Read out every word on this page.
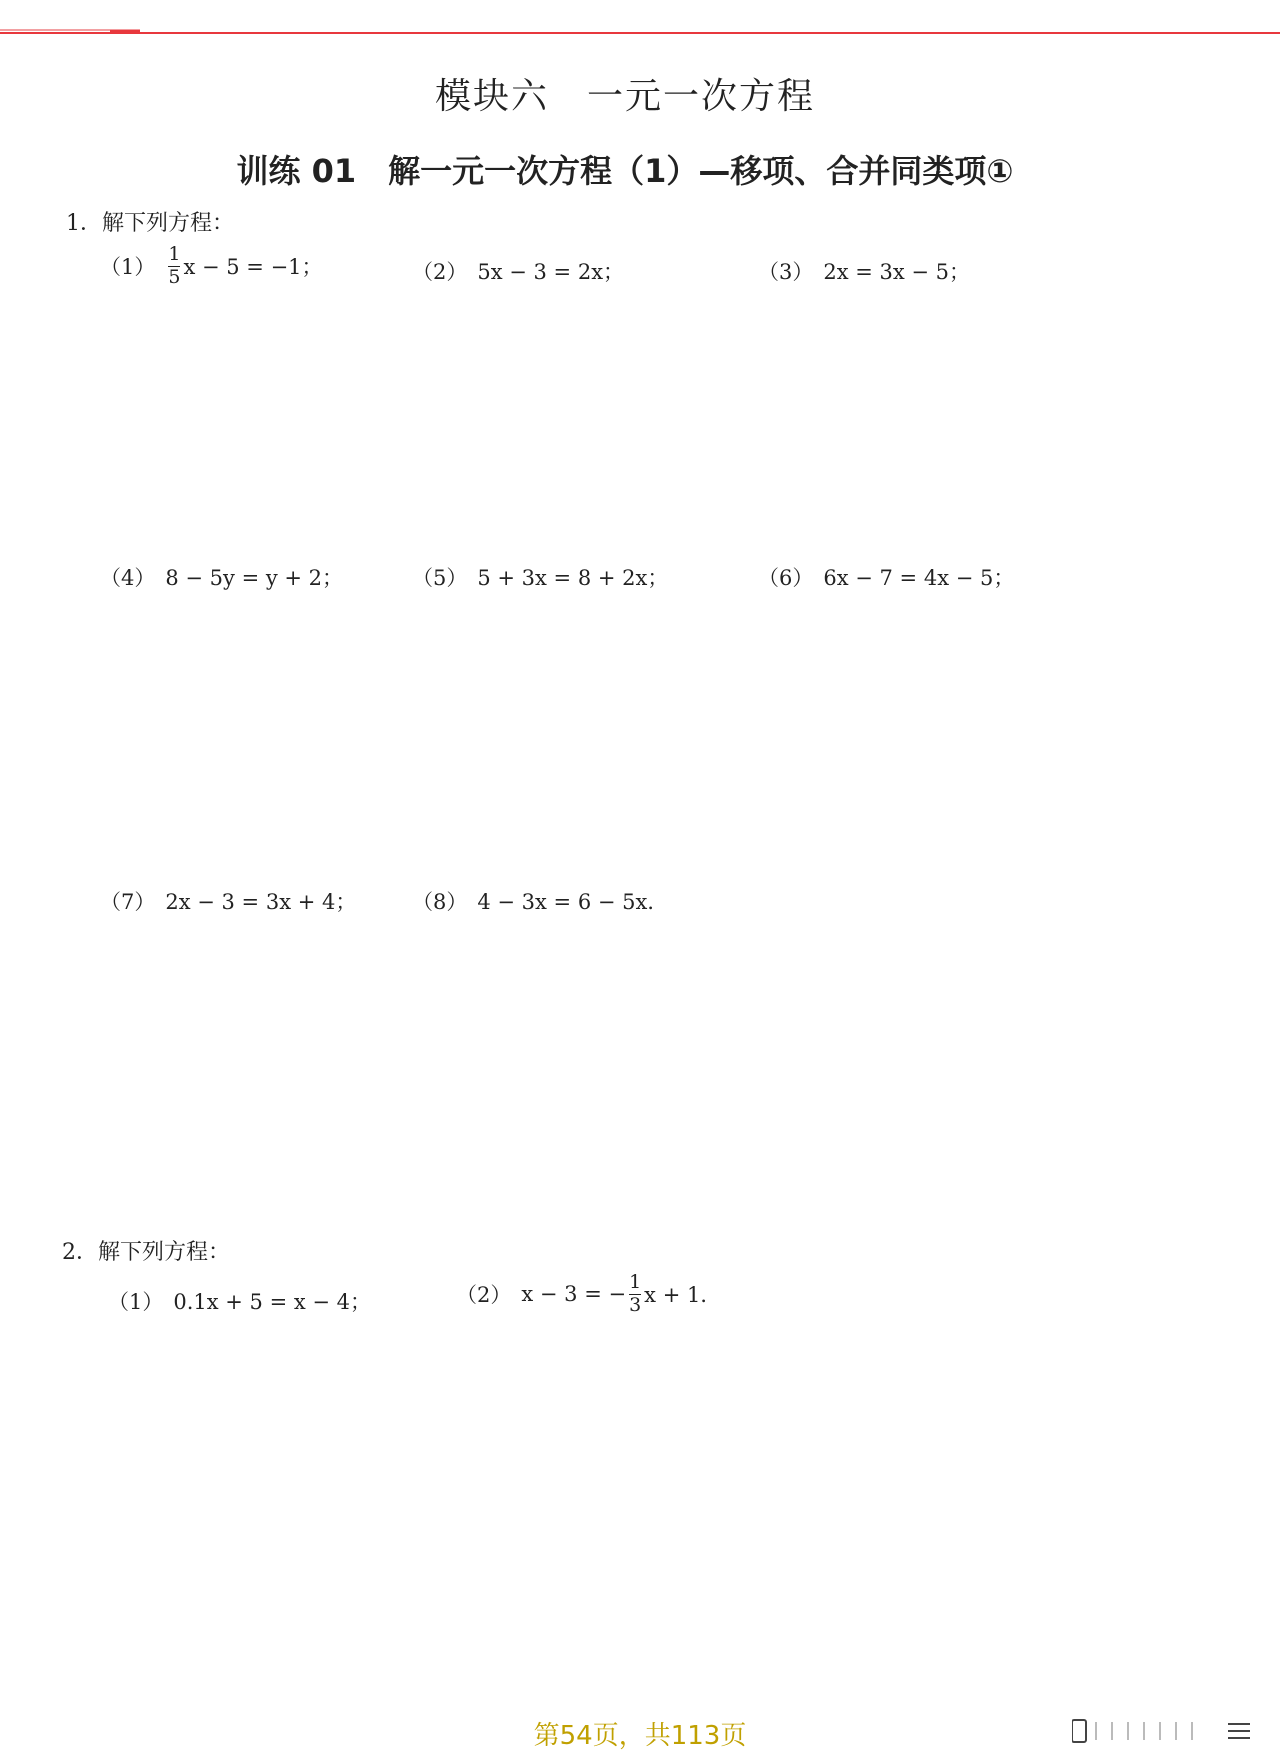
模块六　一元一次方程
训练 01　解一元一次方程（1）—移项、合并同类项①
1．解下列方程：
$(1) \frac{1}{5}$ x − 5 = −1；	（2） 5x − 3 = 2x；	（3） 2x = 3x − 5；
（4） 8 − 5y = y + 2；	（5） 5 + 3x = 8 + 2x；	（6） 6x − 7 = 4x − 5；
（7） 2x − 3 = 3x + 4；	（8） 4 − 3x = 6 − 5x．
2．解下列方程：
（1） 0.1x + 5 = x − 4；	（2） x − 3 = − $\frac{1}{3}$ x + 1．
第54页，共113页
